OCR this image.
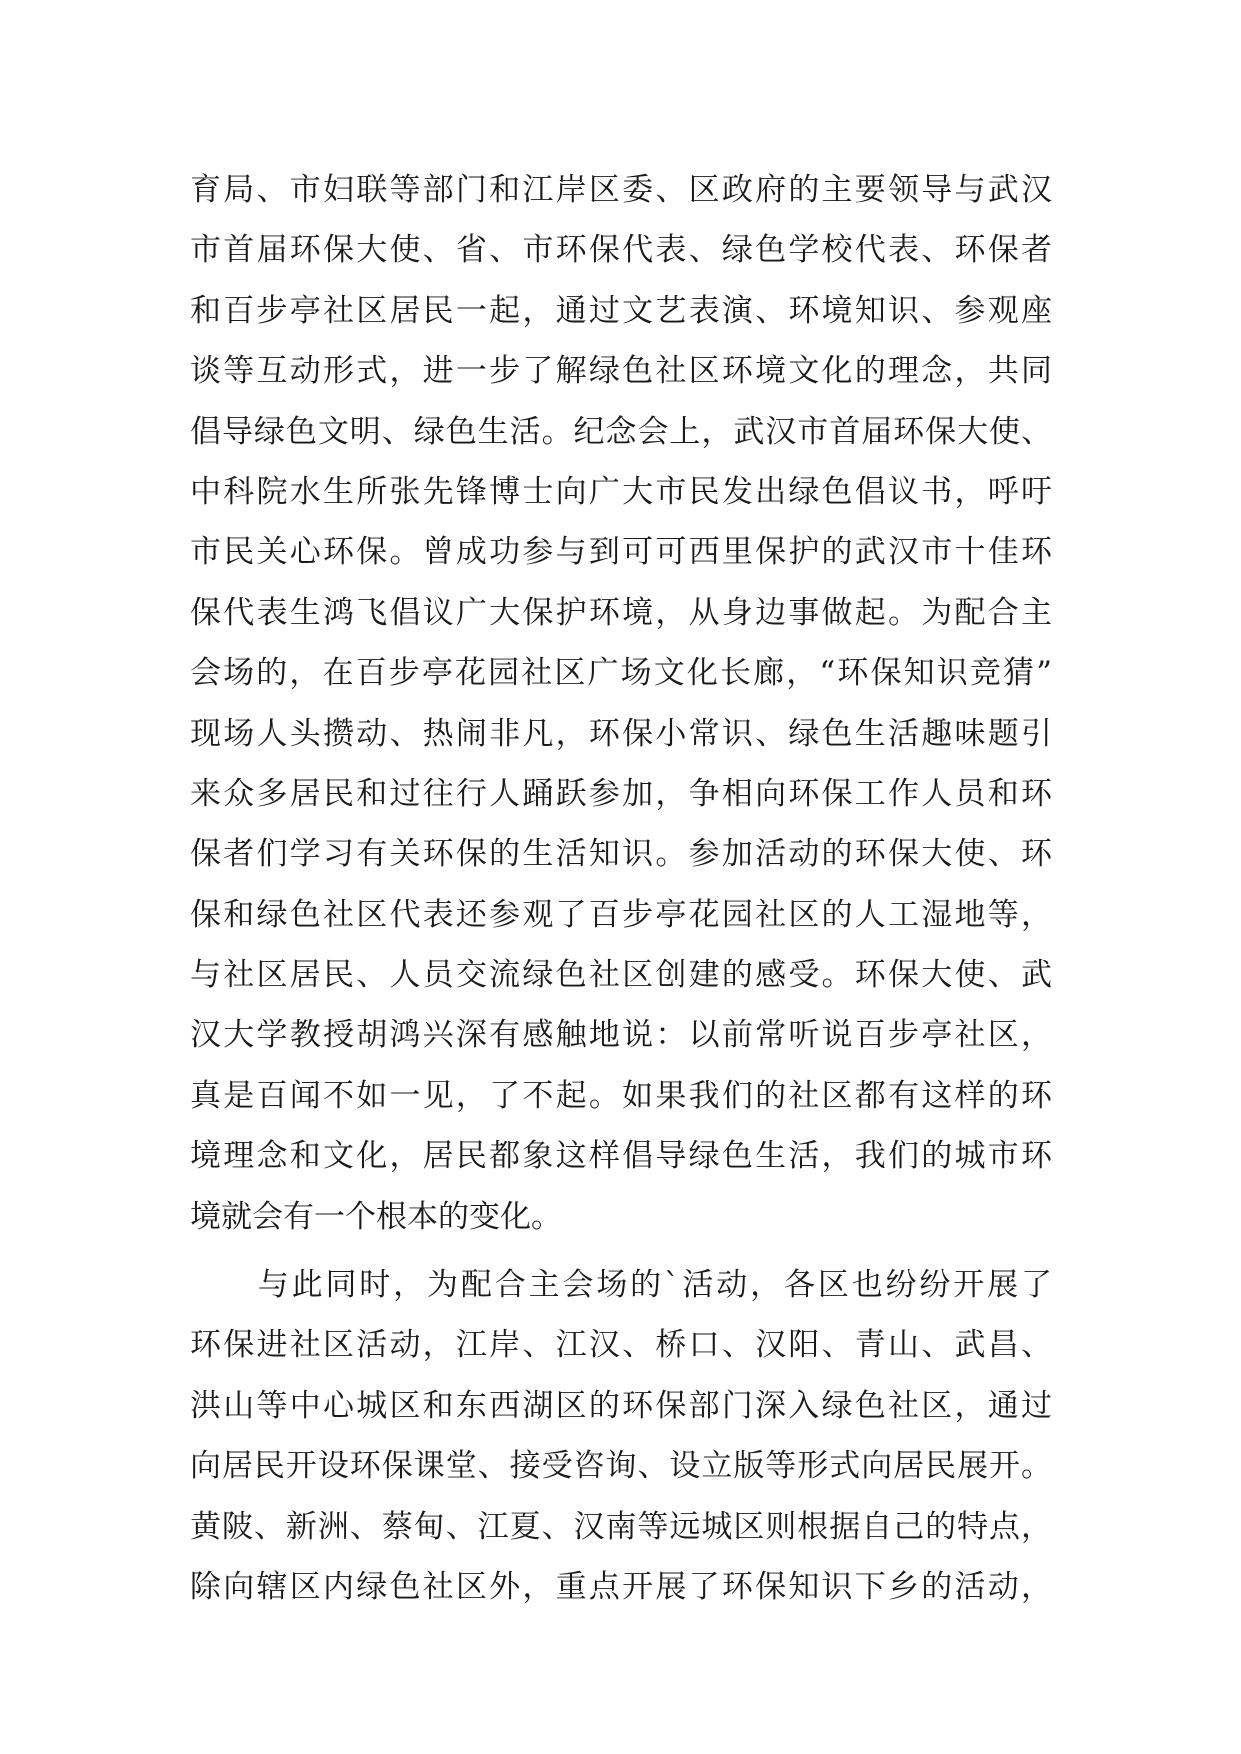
育局、市妇联等部门和江岸区委、区政府的主要领导与武汉
市首届环保大使、省、市环保代表、绿色学校代表、环保者
和百步亭社区居民一起，通过文艺表演、环境知识、参观座
谈等互动形式，进一步了解绿色社区环境文化的理念，共同
倡导绿色文明、绿色生活。纪念会上，武汉市首届环保大使、
中科院水生所张先锋博士向广大市民发出绿色倡议书，呼吁
市民关心环保。曾成功参与到可可西里保护的武汉市十佳环
保代表生鸿飞倡议广大保护环境，从身边事做起。为配合主
会场的，在百步亭花园社区广场文化长廊，“环保知识竞猜”
现场人头攒动、热闹非凡，环保小常识、绿色生活趣味题引
来众多居民和过往行人踊跃参加，争相向环保工作人员和环
保者们学习有关环保的生活知识。参加活动的环保大使、环
保和绿色社区代表还参观了百步亭花园社区的人工湿地等，
与社区居民、人员交流绿色社区创建的感受。环保大使、武
汉大学教授胡鸿兴深有感触地说：以前常听说百步亭社区，
真是百闻不如一见，了不起。如果我们的社区都有这样的环
境理念和文化，居民都象这样倡导绿色生活，我们的城市环
境就会有一个根本的变化。
　　与此同时，为配合主会场的`活动，各区也纷纷开展了
环保进社区活动，江岸、江汉、桥口、汉阳、青山、武昌、
洪山等中心城区和东西湖区的环保部门深入绿色社区，通过
向居民开设环保课堂、接受咨询、设立版等形式向居民展开。
黄陂、新洲、蔡甸、江夏、汉南等远城区则根据自己的特点，
除向辖区内绿色社区外，重点开展了环保知识下乡的活动，
